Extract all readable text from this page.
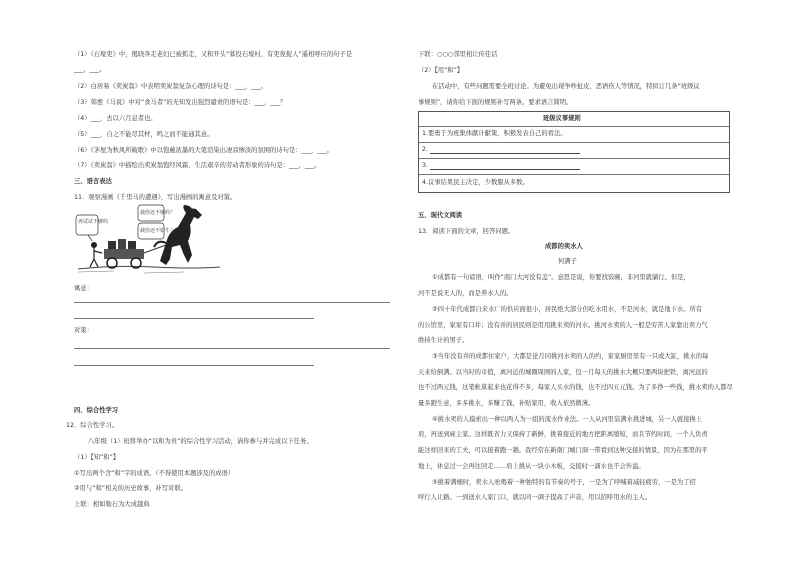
（1）《石壕吏》中，揭晓奔走老妇已被抓走，又和开头“暮投石壕村，有吏夜捉人”遥相呼应的句子是
___，___。
（2）白居易《卖炭翁》中表明卖炭翁复杂心理的诗句是：___，___。
（3）韩愈《马说》中对“食马者”的无知发出强烈谴责的语句是：___，___？
（4）___，去以六月息者也。
（5）___，自之不能尽其材，鸣之而不能通其意。
（6）《茅屋为秋风所破歌》中以饱蘸浓墨的大笔渲染出凄凉惨淡的氛围的诗句是：___，___。
（7）《卖炭翁》中描绘出卖炭翁饱经风霜、生活艰辛的劳动者形象的诗句是：___，___。
三、语言表达
11．观察漫画《千里马的遭遇》，写出漫画的寓意及对策。
再试试不够吗
载你还不够吗？
载你还不如牛！
寓意：
对策：
四、综合性学习
12．综合性学习。
八年级（1）班将举办“以和为贵”的综合性学习活动，请你参与并完成以下任务。
（1）【知“和”】
①写出两个含“和”字的成语。（不得使用本题涉及的成语）
②用与“和”相关的历史故事，补写对联。
上联：相如勒石为大成越典
下联：○○○邻里相让传佳话
（2）【用“和”】
在活动中，有些问题需要全班讨论。为避免出现争吵扯皮、恶语伤人等情况，特拟订几条“班级议
事规则”，请你给下面的规则补写两条。要求语言简明。
班级议事规则
1.要勇于为班集体献计献策，积极发表自己的看法。
2.
3.
4.议事结果民主决定，少数服从多数。
五、现代文阅读
13．阅读下面的文章，回答问题。
成都的卖水人
何满子
①成都有一句谚语，叫作“南门大河没有盖”。意思是说，你要找饭碗，非河里就躺行。但是，
河不是说无人的，而是养水人的。
②四十年代成都自来水厂的供应面很小，居民绝大部分仍吃水用水，不是河水，就是地下水。所有
的公馆里，家家有口井；没有并的居民则是用用挑来卖的河水。挑河水卖的人一般是穷苦人家靠出卖力气
维持生计的男子。
③当年没有井的成都住家户，大都是论月同挑河水卖的人的约，家家厨房里有一只或大缸，挑水的每
天来给倒满。以当时的市值，离河近的城圈周围的人家，包一月每天的挑水大概只要两块把铁，离河远的
也不过两元钱，这笔帐算起来也花得不多，每家人买水的钱，也不过四五元钱。为了多挣一些钱，挑水卖的人都尽
量多跑生意，多多挑水，多赚了钱，补贴家用，收入依然微薄。
④挑水卖的人摸索出一种以两人为一组的流水作业法。一人从河里装满水挑进城，另一人就接换上
肩，再送到雇主家。这样既省力又保持了新鲜，挑着接近的地方把距离缩短，而且节约时间，一个人负责
能这样回来的工夫，可以接着跑一趟。我经常在新南门城门洞一带看到这种交接的情景，因为在那里的平
地上，休息过一会再往回走……肩上挑从一块小木板，交接时一滴水也不会外溢。
⑤挑着满桶时，卖水人吆喝着一种独特的有节奏的号子，一是为了呼喊着减轻疲劳，一是为了招
呼行人让路。一到送水人家门口，就以同一调子提高了声音，用以招呼用水的主人。
